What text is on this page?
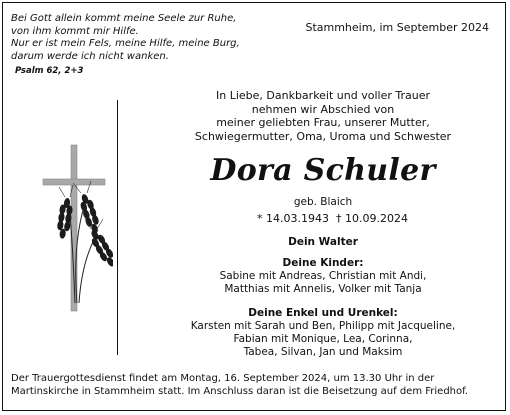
Bei Gott allein kommt meine Seele zur Ruhe,
von ihm kommt mir Hilfe.
Nur er ist mein Fels, meine Hilfe, meine Burg,
darum werde ich nicht wanken.
Psalm 62, 2+3
Stammheim, im September 2024
In Liebe, Dankbarkeit und voller Trauer
nehmen wir Abschied von
meiner geliebten Frau, unserer Mutter,
Schwiegermutter, Oma, Uroma und Schwester
Dora Schuler
geb. Blaich
* 14.03.1943 † 10.09.2024
Dein Walter
Deine Kinder:
Sabine mit Andreas, Christian mit Andi,
Matthias mit Annelis, Volker mit Tanja
Deine Enkel und Urenkel:
Karsten mit Sarah und Ben, Philipp mit Jacqueline,
Fabian mit Monique, Lea, Corinna,
Tabea, Silvan, Jan und Maksim
Der Trauergottesdienst findet am Montag, 16. September 2024, um 13.30 Uhr in der
Martinskirche in Stammheim statt. Im Anschluss daran ist die Beisetzung auf dem Friedhof.
